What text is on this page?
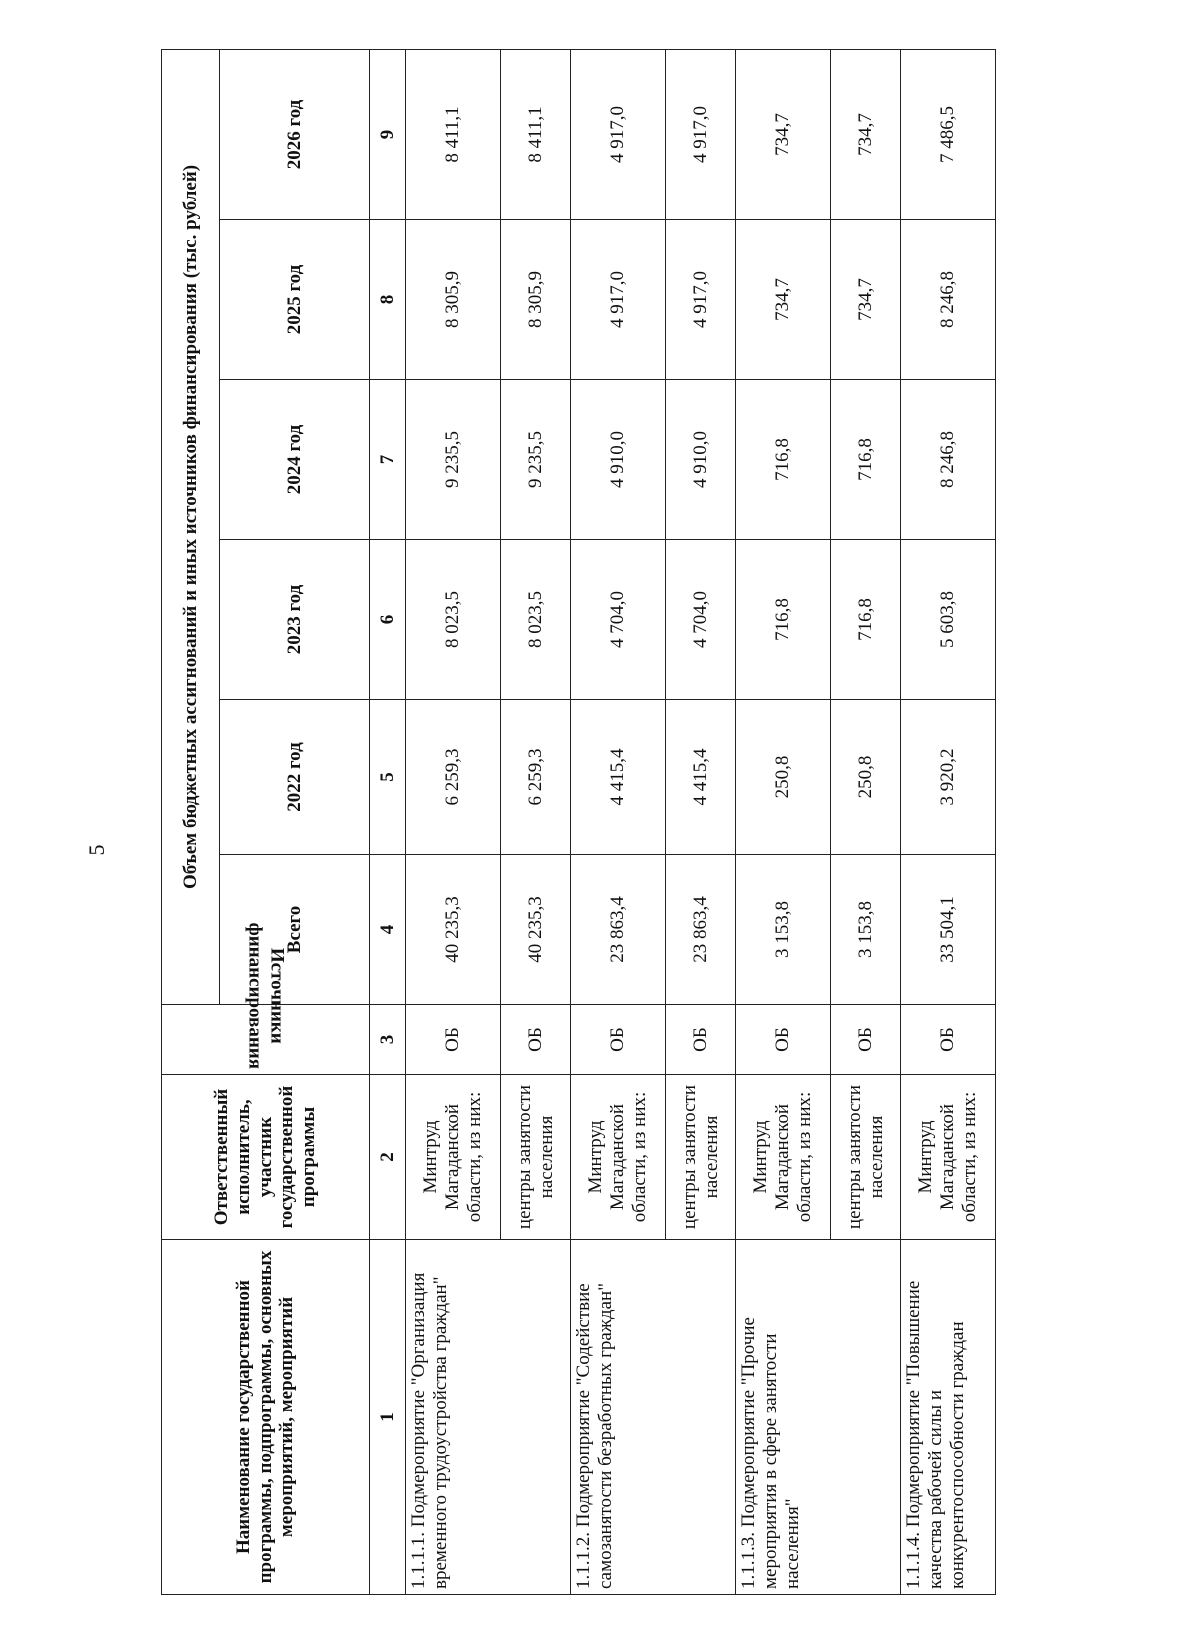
5
Наименование государственной программы, подпрограммы, основных мероприятий, мероприятий	Ответственный исполнитель, участник государственной программы	Источники финансирования	Объем бюджетных ассигнований и иных источников финансирования (тыс. рублей)					
			Всего	2022 год	2023 год	2024 год	2025 год	2026 год
1	2	3	4	5	6	7	8	9
1.1.1.1. Подмероприятие "Организация временного трудоустройства граждан"	Минтруд Магаданской области, из них:	ОБ	40 235,3	6 259,3	8 023,5	9 235,5	8 305,9	8 411,1
	центры занятости населения	ОБ	40 235,3	6 259,3	8 023,5	9 235,5	8 305,9	8 411,1
1.1.1.2. Подмероприятие "Содействие самозанятости безработных граждан"	Минтруд Магаданской области, из них:	ОБ	23 863,4	4 415,4	4 704,0	4 910,0	4 917,0	4 917,0
	центры занятости населения	ОБ	23 863,4	4 415,4	4 704,0	4 910,0	4 917,0	4 917,0
1.1.1.3. Подмероприятие "Прочие мероприятия в сфере занятости населения"	Минтруд Магаданской области, из них:	ОБ	3 153,8	250,8	716,8	716,8	734,7	734,7
	центры занятости населения	ОБ	3 153,8	250,8	716,8	716,8	734,7	734,7
1.1.1.4. Подмероприятие "Повышение качества рабочей силы и конкурентоспособности граждан	Минтруд Магаданской области, из них:	ОБ	33 504,1	3 920,2	5 603,8	8 246,8	8 246,8	7 486,5
